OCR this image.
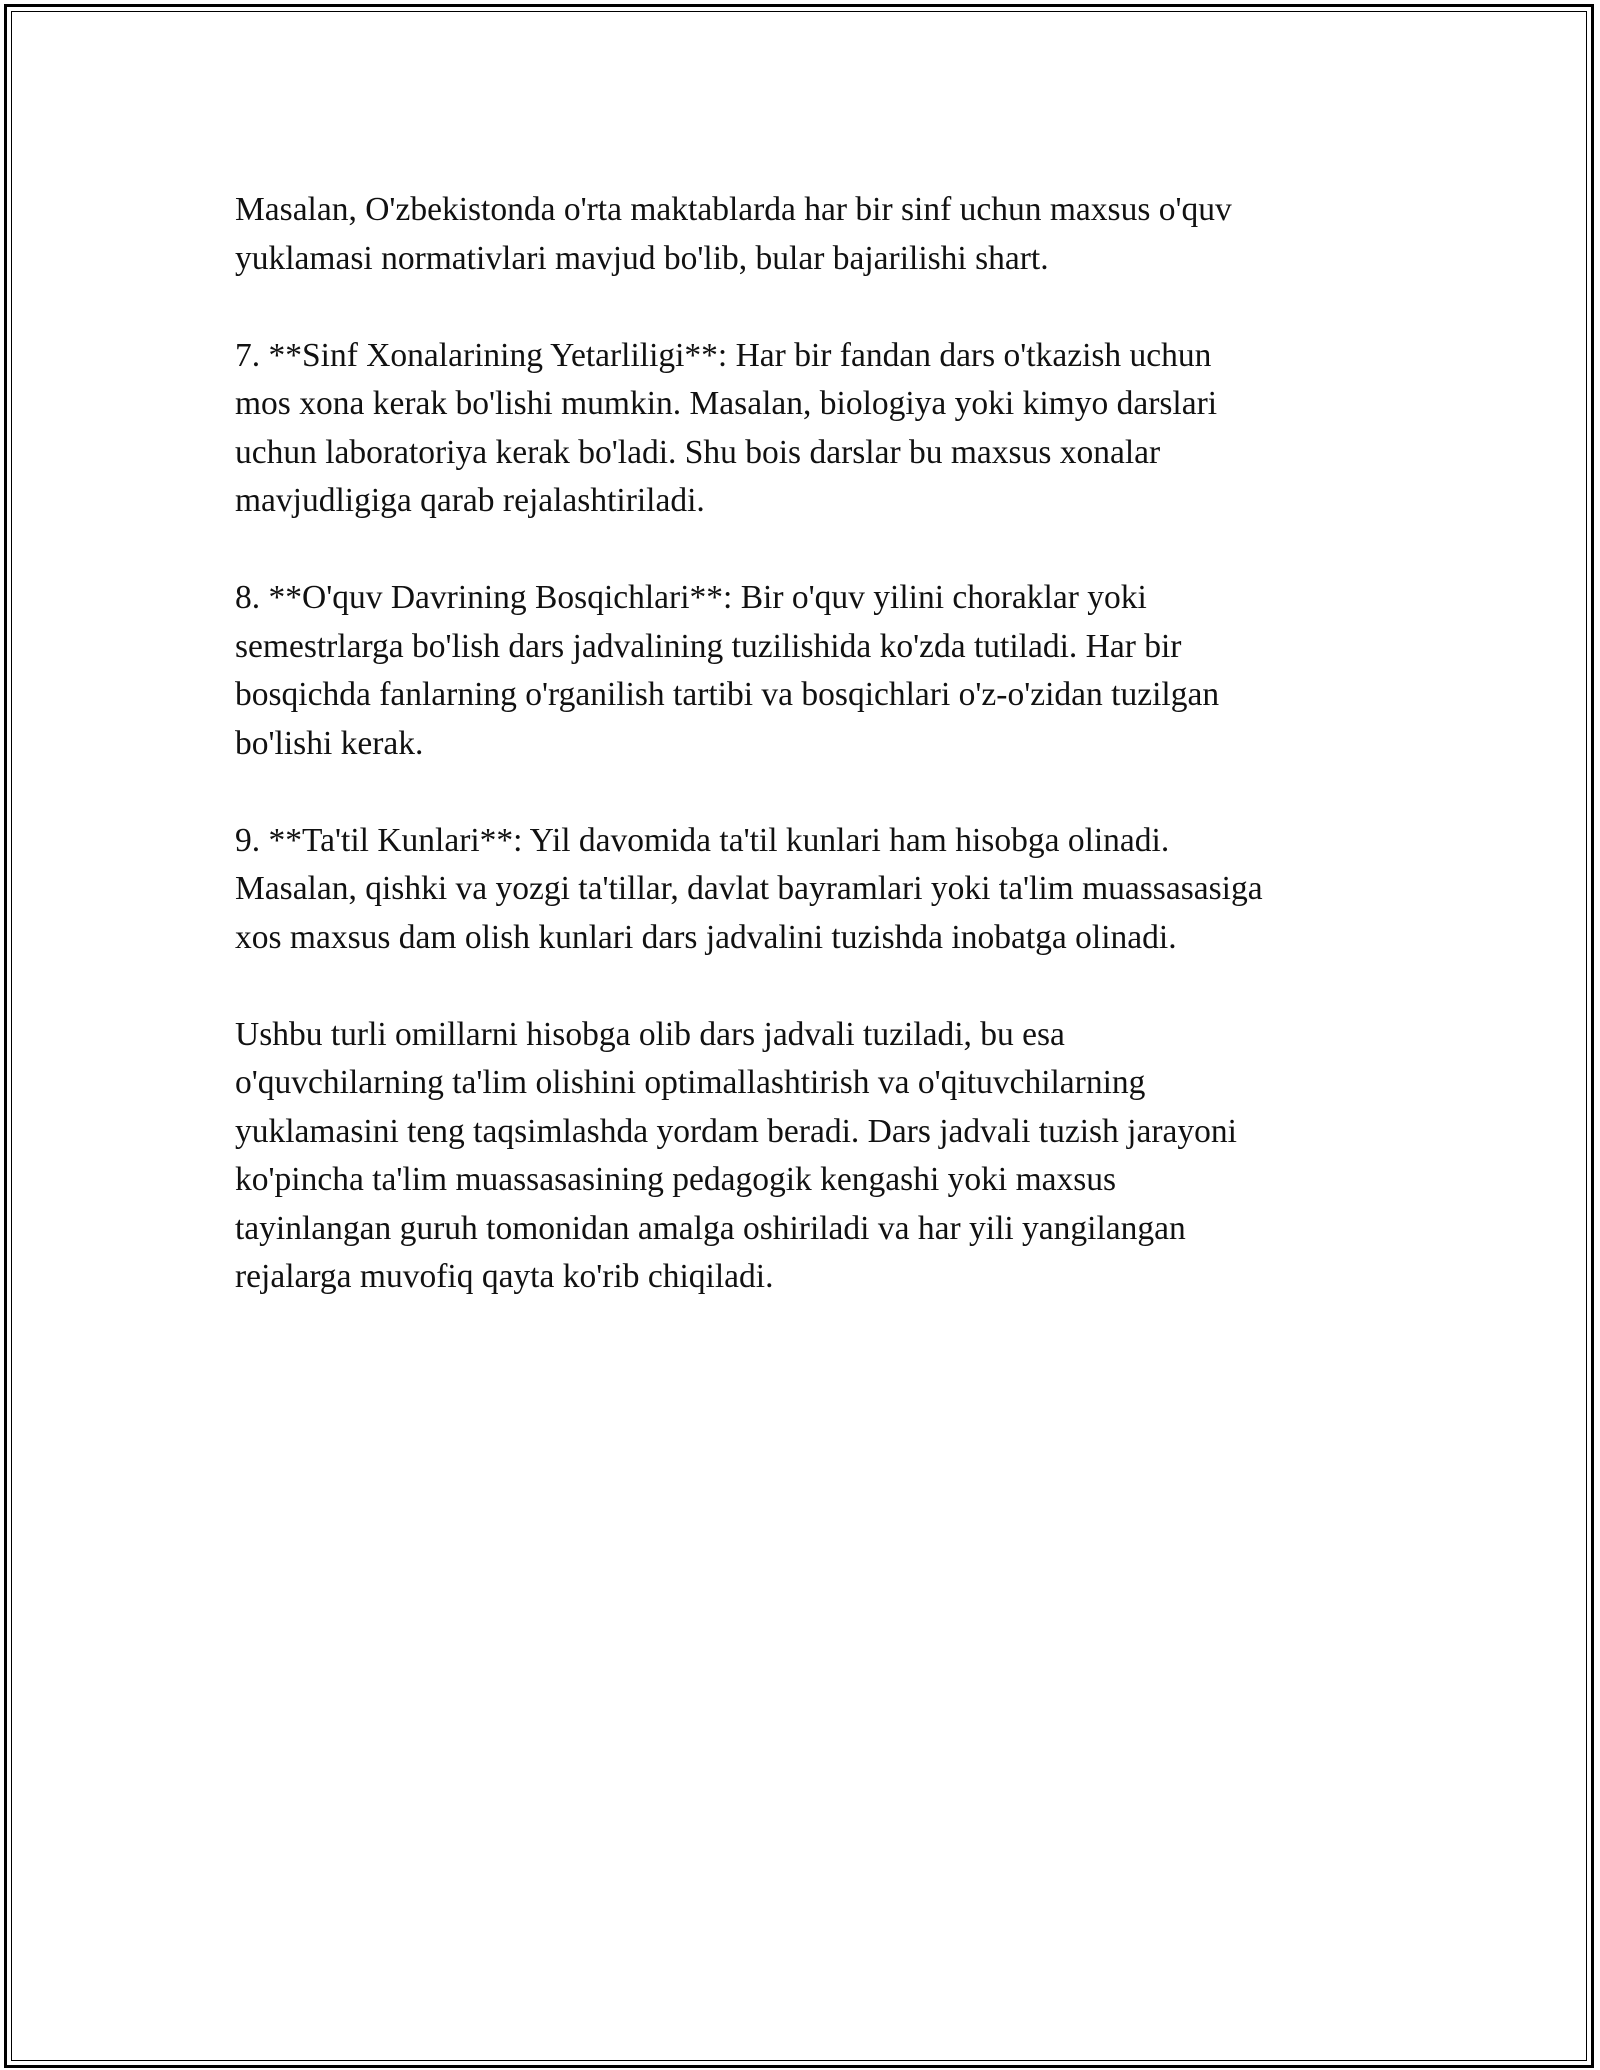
Masalan, O'zbekistonda o'rta maktablarda har bir sinf uchun maxsus o'quv
yuklamasi normativlari mavjud bo'lib, bular bajarilishi shart.

7. **Sinf Xonalarining Yetarliligi**: Har bir fandan dars o'tkazish uchun
mos xona kerak bo'lishi mumkin. Masalan, biologiya yoki kimyo darslari
uchun laboratoriya kerak bo'ladi. Shu bois darslar bu maxsus xonalar
mavjudligiga qarab rejalashtiriladi.

8. **O'quv Davrining Bosqichlari**: Bir o'quv yilini choraklar yoki
semestrlarga bo'lish dars jadvalining tuzilishida ko'zda tutiladi. Har bir
bosqichda fanlarning o'rganilish tartibi va bosqichlari o'z-o'zidan tuzilgan
bo'lishi kerak.

9. **Ta'til Kunlari**: Yil davomida ta'til kunlari ham hisobga olinadi.
Masalan, qishki va yozgi ta'tillar, davlat bayramlari yoki ta'lim muassasasiga
xos maxsus dam olish kunlari dars jadvalini tuzishda inobatga olinadi.

Ushbu turli omillarni hisobga olib dars jadvali tuziladi, bu esa
o'quvchilarning ta'lim olishini optimallashtirish va o'qituvchilarning
yuklamasini teng taqsimlashda yordam beradi. Dars jadvali tuzish jarayoni
ko'pincha ta'lim muassasasining pedagogik kengashi yoki maxsus
tayinlangan guruh tomonidan amalga oshiriladi va har yili yangilangan
rejalarga muvofiq qayta ko'rib chiqiladi.
